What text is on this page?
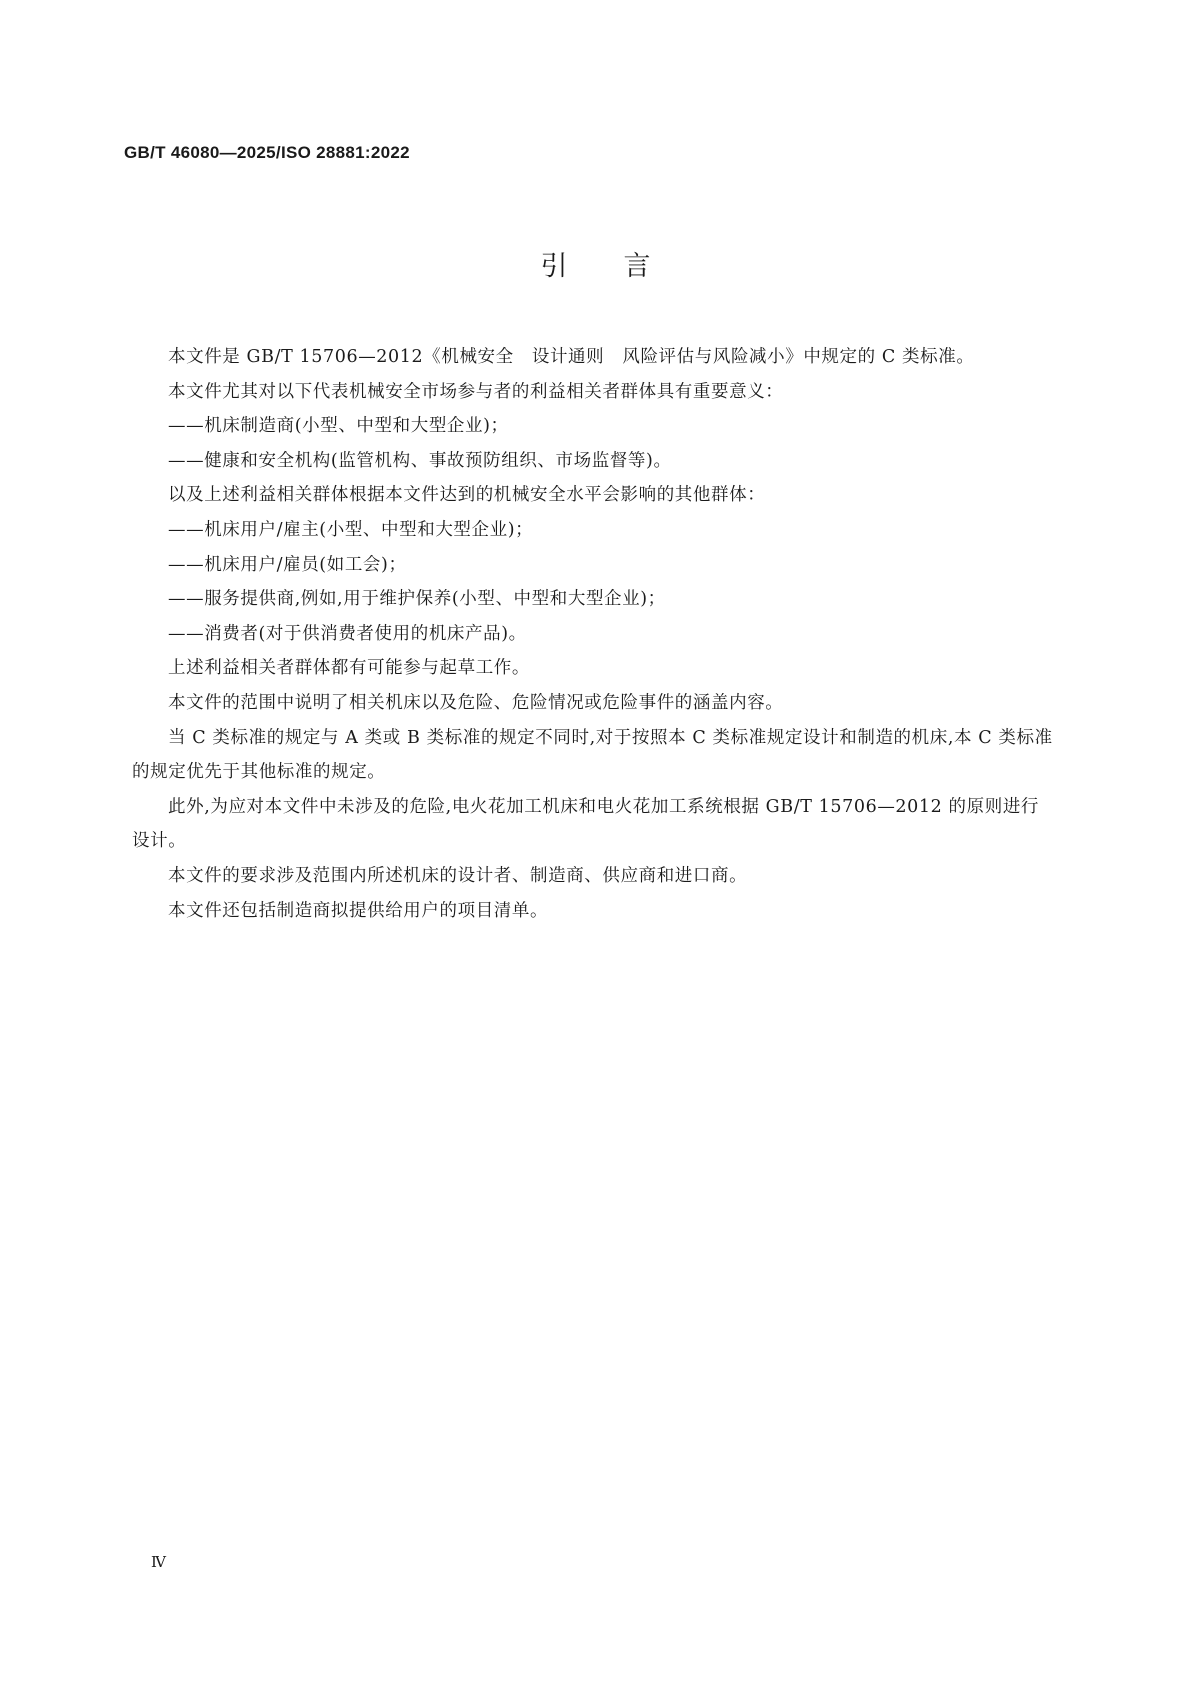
GB/T 46080—2025/ISO 28881:2022
引言

本文件是 GB/T 15706—2012《机械安全　设计通则　风险评估与风险减小》中规定的 C 类标准。

本文件尤其对以下代表机械安全市场参与者的利益相关者群体具有重要意义：

——机床制造商(小型、中型和大型企业)；

——健康和安全机构(监管机构、事故预防组织、市场监督等)。

以及上述利益相关群体根据本文件达到的机械安全水平会影响的其他群体：

——机床用户/雇主(小型、中型和大型企业)；

——机床用户/雇员(如工会)；

——服务提供商,例如,用于维护保养(小型、中型和大型企业)；

——消费者(对于供消费者使用的机床产品)。

上述利益相关者群体都有可能参与起草工作。

本文件的范围中说明了相关机床以及危险、危险情况或危险事件的涵盖内容。

当 C 类标准的规定与 A 类或 B 类标准的规定不同时,对于按照本 C 类标准规定设计和制造的机床,本 C 类标准的规定优先于其他标准的规定。

此外,为应对本文件中未涉及的危险,电火花加工机床和电火花加工系统根据 GB/T 15706—2012 的原则进行设计。

本文件的要求涉及范围内所述机床的设计者、制造商、供应商和进口商。

本文件还包括制造商拟提供给用户的项目清单。

Ⅳ
